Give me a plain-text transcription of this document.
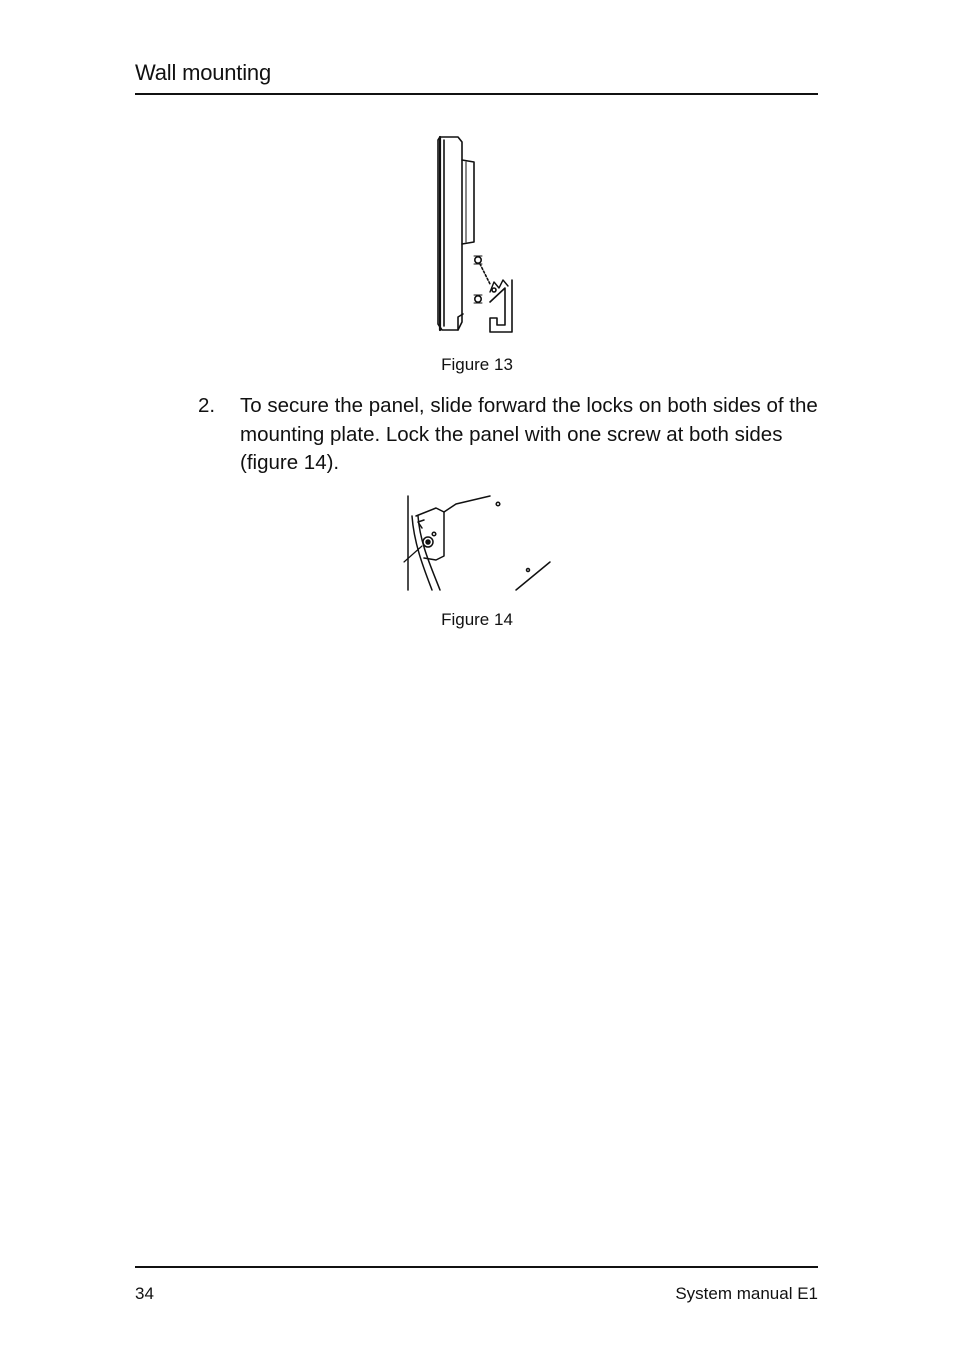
Wall mounting
Figure 13
2. To secure the panel, slide forward the locks on both sides of the mounting plate. Lock the panel with one screw at both sides (figure 14).
Figure 14
34	System manual E1
